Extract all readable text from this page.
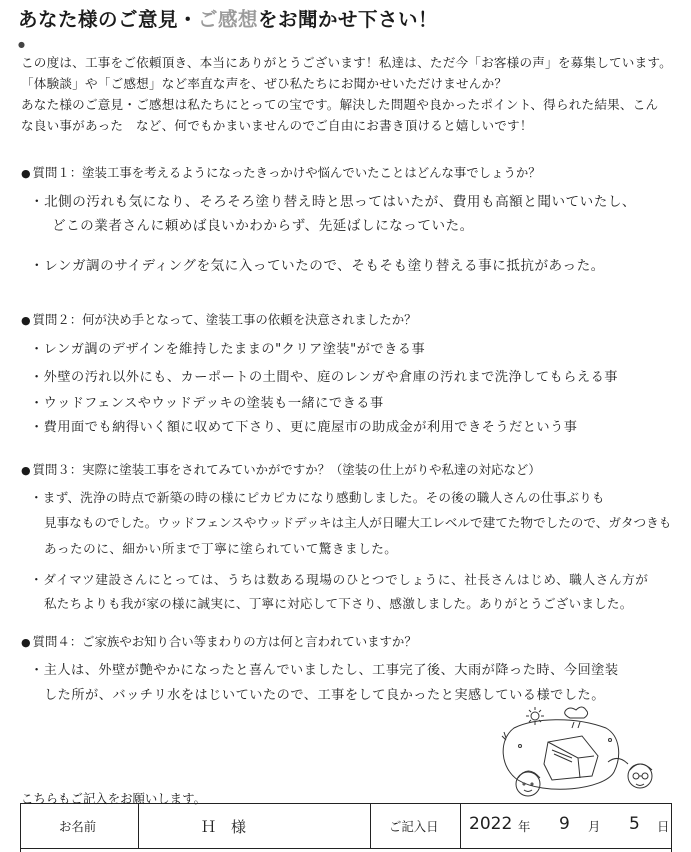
あなた様のご意見・ご感想をお聞かせ下さい！
●
この度は、工事をご依頼頂き、本当にありがとうございます！私達は、ただ今「お客様の声」を募集しています。
「体験談」や「ご感想」など率直な声を、ぜひ私たちにお聞かせいただけませんか？
あなた様のご意見・ご感想は私たちにとっての宝です。解決した問題や良かったポイント、得られた結果、こん
な良い事があった　など、何でもかまいませんのでご自由にお書き頂けると嬉しいです！
● 質問１：塗装工事を考えるようになったきっかけや悩んでいたことはどんな事でしょうか？
・北側の汚れも気になり、そろそろ塗り替え時と思ってはいたが、費用も高額と聞いていたし、
どこの業者さんに頼めば良いかわからず、先延ばしになっていた。
・レンガ調のサイディングを気に入っていたので、そもそも塗り替える事に抵抗があった。
● 質問２：何が決め手となって、塗装工事の依頼を決意されましたか？
・レンガ調のデザインを維持したままの"クリア塗装"ができる事
・外壁の汚れ以外にも、カーポートの土間や、庭のレンガや倉庫の汚れまで洗浄してもらえる事
・ウッドフェンスやウッドデッキの塗装も一緒にできる事
・費用面でも納得いく額に収めて下さり、更に鹿屋市の助成金が利用できそうだという事
● 質問３：実際に塗装工事をされてみていかがですか？（塗装の仕上がりや私達の対応など）
・まず、洗浄の時点で新築の時の様にピカピカになり感動しました。その後の職人さんの仕事ぶりも
見事なものでした。ウッドフェンスやウッドデッキは主人が日曜大工レベルで建てた物でしたので、ガタつきも
あったのに、細かい所まで丁寧に塗られていて驚きました。
・ダイマツ建設さんにとっては、うちは数ある現場のひとつでしょうに、社長さんはじめ、職人さん方が
私たちよりも我が家の様に誠実に、丁寧に対応して下さり、感激しました。ありがとうございました。
● 質問４：ご家族やお知り合い等まわりの方は何と言われていますか？
・主人は、外壁が艶やかになったと喜んでいましたし、工事完了後、大雨が降った時、今回塗装
した所が、バッチリ水をはじいていたので、工事をして良かったと実感している様でした。
こちらもご記入をお願いします。
お名前	Ｈ　様	ご記入日 2022 年 9 月 5 日
